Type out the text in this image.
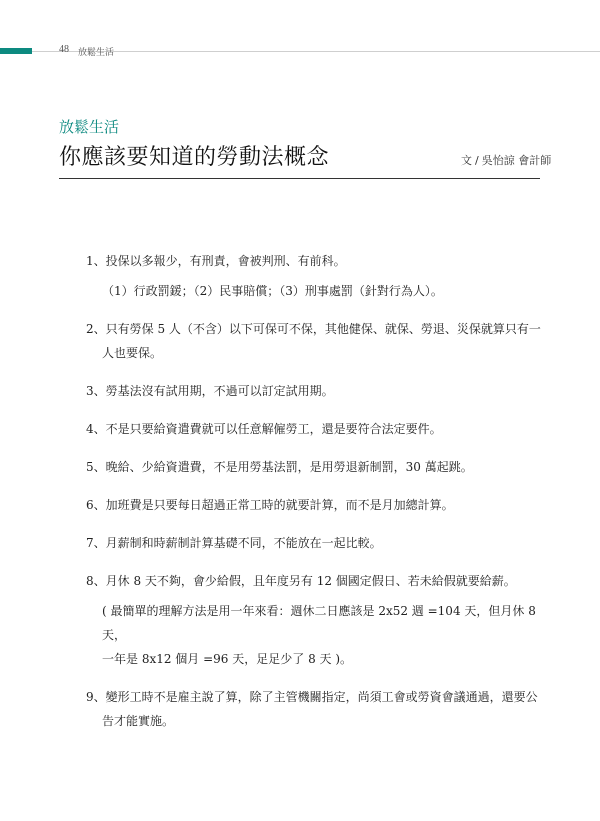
48 放鬆生活
放鬆生活
你應該要知道的勞動法概念	文 / 吳怡諒 會計師

1、投保以多報少，有刑責，會被判刑、有前科。

（1）行政罰鍰；（2）民事賠償；（3）刑事處罰（針對行為人）。

2、只有勞保 5 人（不含）以下可保可不保，其他健保、就保、勞退、災保就算只有一

人也要保。

3、勞基法沒有試用期，不過可以訂定試用期。

4、不是只要給資遣費就可以任意解僱勞工，還是要符合法定要件。

5、晚給、少給資遣費，不是用勞基法罰，是用勞退新制罰，30 萬起跳。

6、加班費是只要每日超過正常工時的就要計算，而不是月加總計算。

7、月薪制和時薪制計算基礎不同，不能放在一起比較。

8、月休 8 天不夠，會少給假，且年度另有 12 個國定假日、若未給假就要給薪。

( 最簡單的理解方法是用一年來看：週休二日應該是 2x52 週 =104 天，但月休 8 天，

一年是 8x12 個月 =96 天，足足少了 8 天 )。

9、變形工時不是雇主說了算，除了主管機關指定，尚須工會或勞資會議通過，還要公

告才能實施。
